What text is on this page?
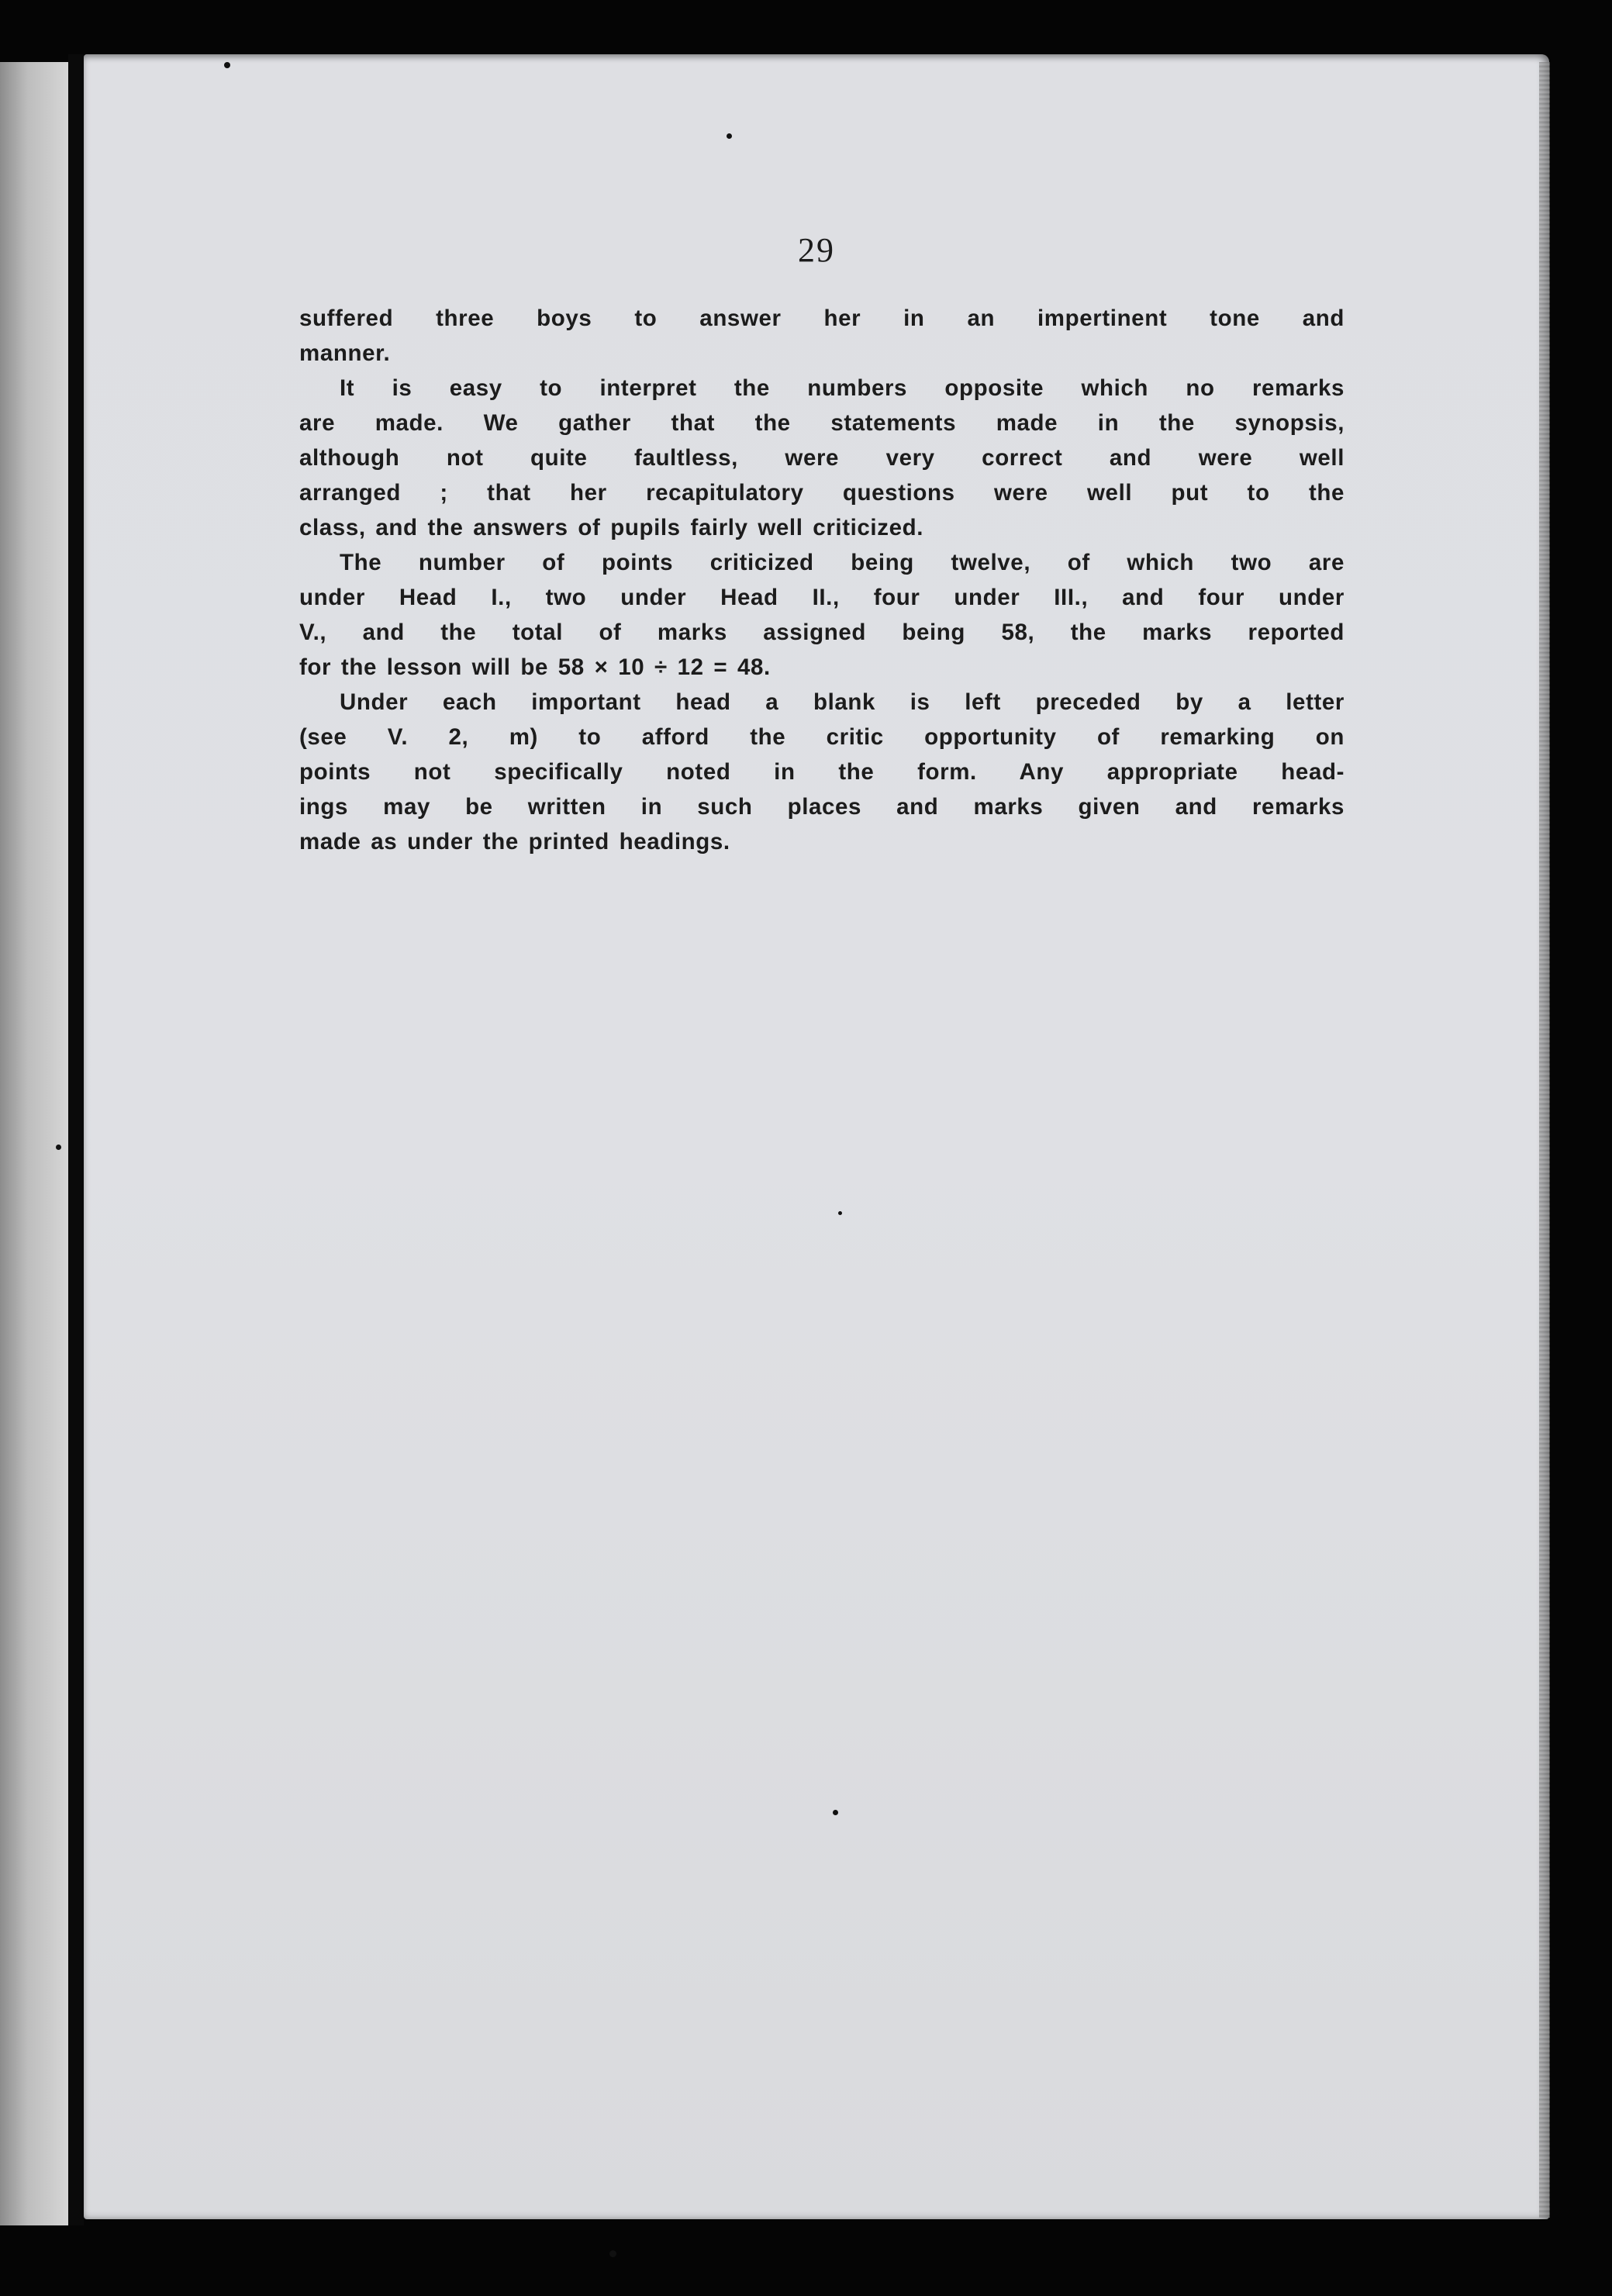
29

suffered three boys to answer her in an impertinent tone and
manner.

It is easy to interpret the numbers opposite which no remarks
are made. We gather that the statements made in the synopsis,
although not quite faultless, were very correct and were well
arranged ; that her recapitulatory questions were well put to the
class, and the answers of pupils fairly well criticized.

The number of points criticized being twelve, of which two are
under Head I., two under Head II., four under III., and four under
V., and the total of marks assigned being 58, the marks reported
for the lesson will be 58 × 10 ÷ 12 = 48.

Under each important head a blank is left preceded by a letter
(see V. 2, m) to afford the critic opportunity of remarking on
points not specifically noted in the form. Any appropriate head-
ings may be written in such places and marks given and remarks
made as under the printed headings.
